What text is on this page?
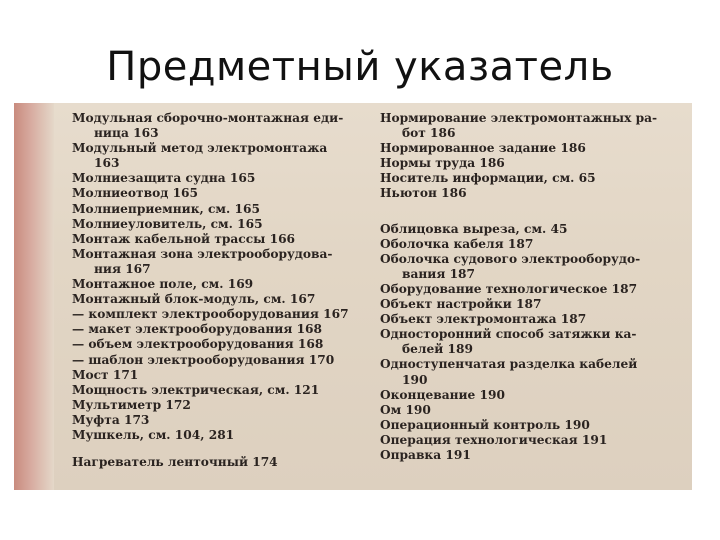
Предметный указатель

Модульная сборочно-монтажная еди-

ница 163

Модульный метод электромонтажа

163

Молниезащита судна 165

Молниеотвод 165

Молниеприемник, см. 165

Молниеуловитель, см. 165

Монтаж кабельной трассы 166

Монтажная зона электрооборудова-

ния 167

Монтажное поле, см. 169

Монтажный блок-модуль, см. 167

— комплект электрооборудования 167

— макет электрооборудования 168

— объем электрооборудования 168

— шаблон электрооборудования 170

Мост 171

Мощность электрическая, см. 121

Мультиметр 172

Муфта 173

Мушкель, см. 104, 281

Нагреватель ленточный 174

Нормирование электромонтажных ра-

бот 186

Нормированное задание 186

Нормы труда 186

Носитель информации, см. 65

Ньютон 186

Облицовка выреза, см. 45

Оболочка кабеля 187

Оболочка судового электрооборудо-

вания 187

Оборудование технологическое 187

Объект настройки 187

Объект электромонтажа 187

Односторонний способ затяжки ка-

белей 189

Одноступенчатая разделка кабелей

190

Оконцевание 190

Ом 190

Операционный контроль 190

Операция технологическая 191

Оправка 191
